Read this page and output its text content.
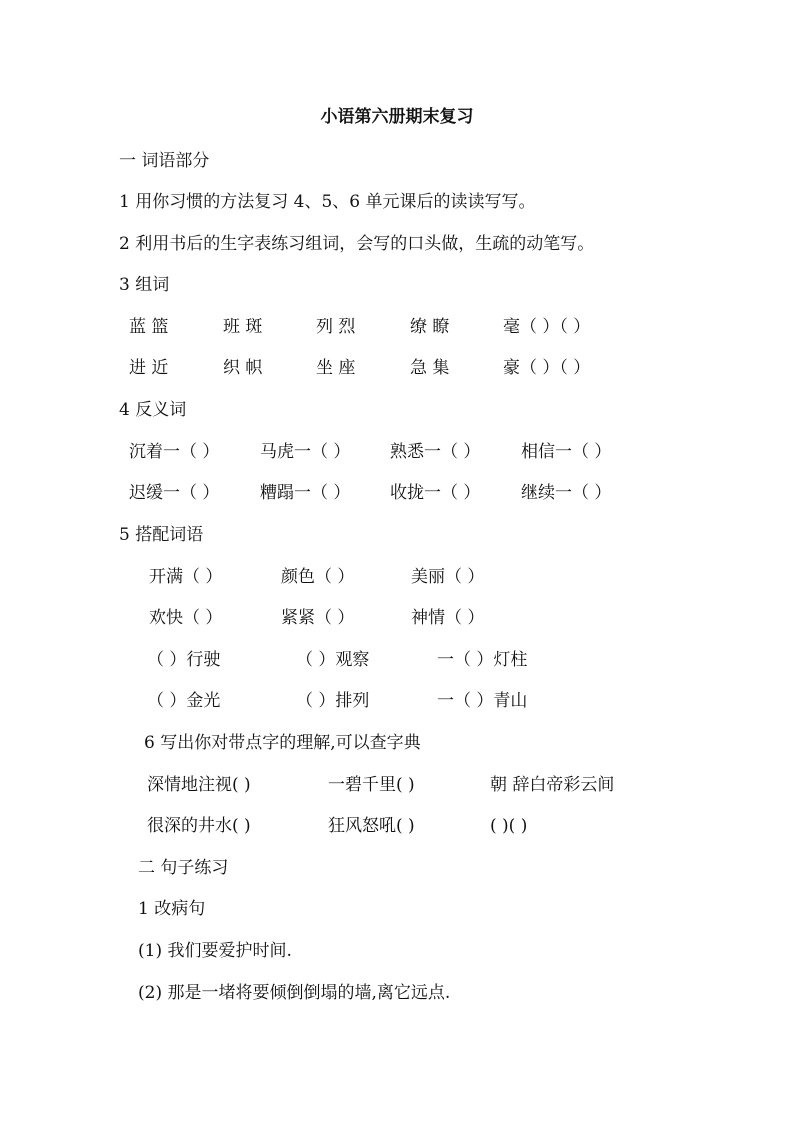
小语第六册期末复习
一 词语部分
1 用你习惯的方法复习 4、5、6 单元课后的读读写写。
2 利用书后的生字表练习组词，会写的口头做，生疏的动笔写。
3 组词
蓝 篮	班 斑	列 烈	缭 瞭	毫（ ）（ ）
进 近	织 帜	坐 座	急 集	豪（ ）（ ）
4 反义词
沉着一（ ） 马虎一（ ） 熟悉一（ ） 相信一（ ）
迟缓一（ ） 糟蹋一（ ） 收拢一（ ） 继续一（ ）
5 搭配词语
开满（ ）	颜色（ ）	美丽（ ）
欢快（ ）	紧紧（ ）	神情（ ）
（ ）行驶	（ ）观察	一（ ）灯柱
（ ）金光	（ ）排列	一（ ）青山
6 写出你对带点字的理解,可以查字典
深情地注视( )	一碧千里( )	朝 辞白帝彩云间
很深的井水( )	狂风怒吼( )	( )( )
二 句子练习
1 改病句
(1) 我们要爱护时间.
(2) 那是一堵将要倾倒倒塌的墙,离它远点.
